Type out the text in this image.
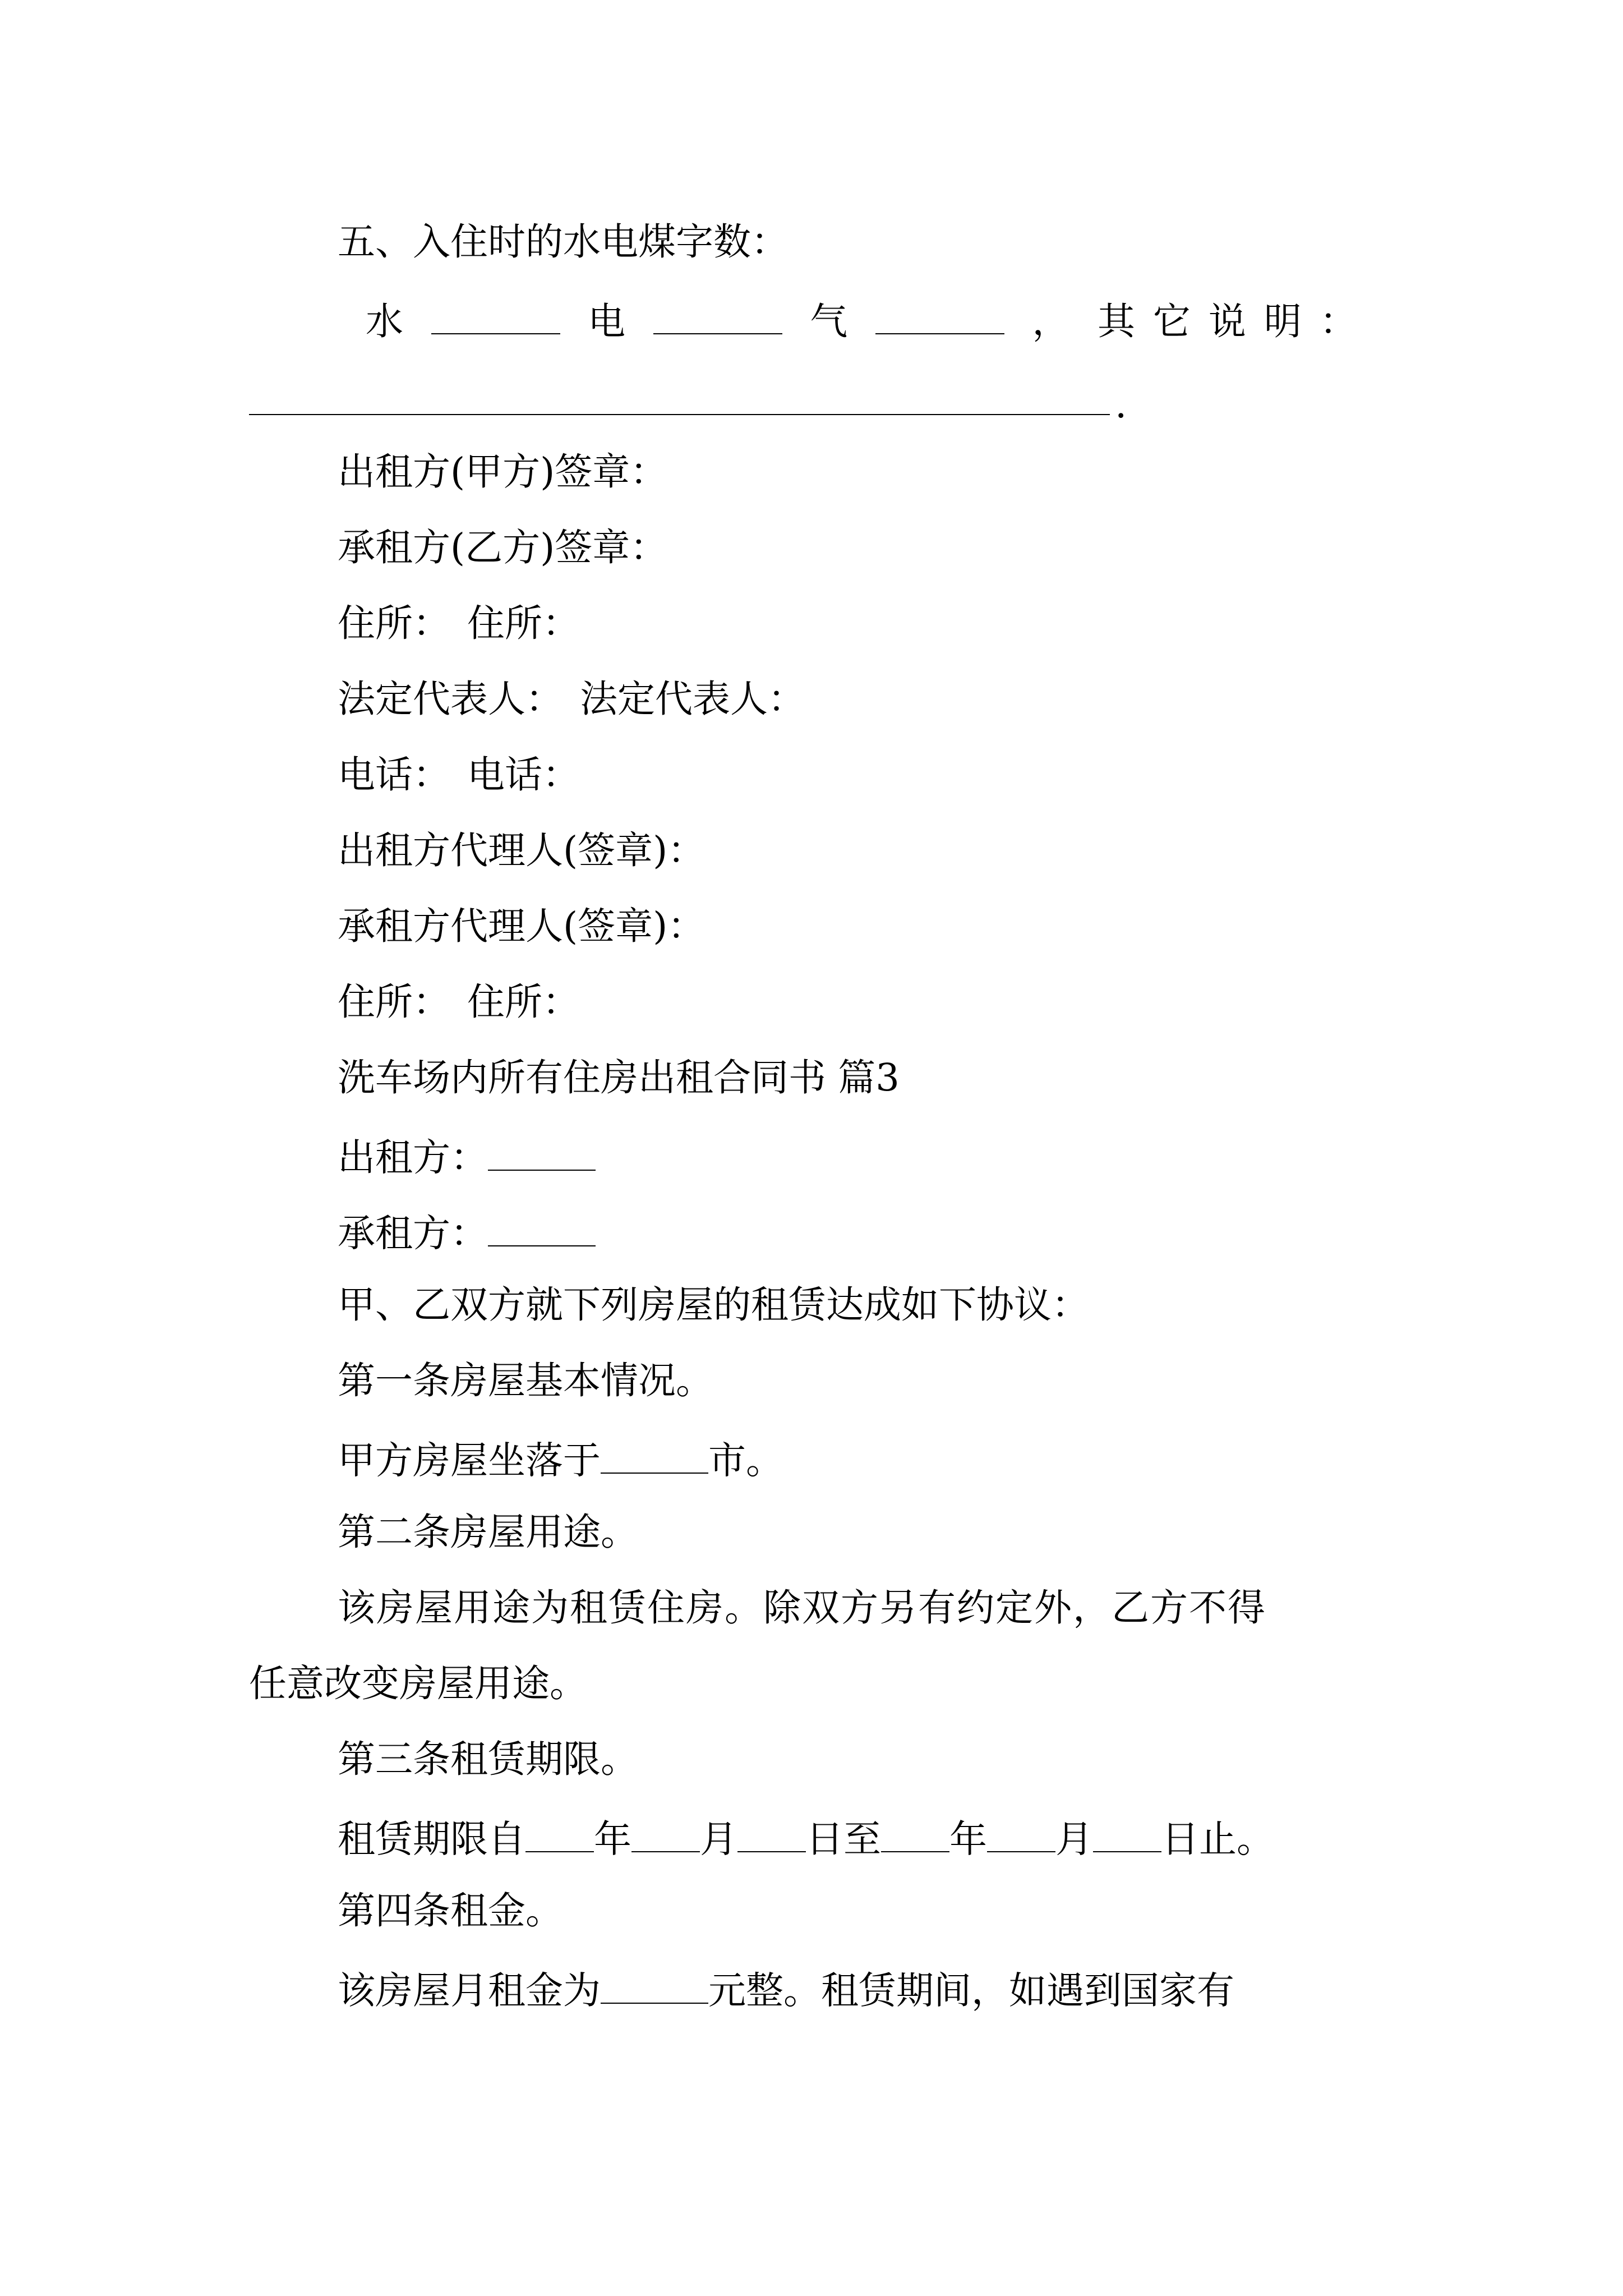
五、入住时的水电煤字数：
水	电	气	， 其它说明：
.
出租方(甲方)签章：
承租方(乙方)签章：
住所： 住所：
法定代表人： 法定代表人：
电话： 电话：
出租方代理人(签章)：
承租方代理人(签章)：
住所： 住所：
洗车场内所有住房出租合同书 篇3
出租方：
承租方：
甲、乙双方就下列房屋的租赁达成如下协议：
第一条房屋基本情况。
甲方房屋坐落于	市。
第二条房屋用途。
该房屋用途为租赁住房。除双方另有约定外，乙方不得
任意改变房屋用途。
第三条租赁期限。
租赁期限自 年 月 日至 年 月 日止。
第四条租金。
该房屋月租金为	元整。租赁期间，如遇到国家有
